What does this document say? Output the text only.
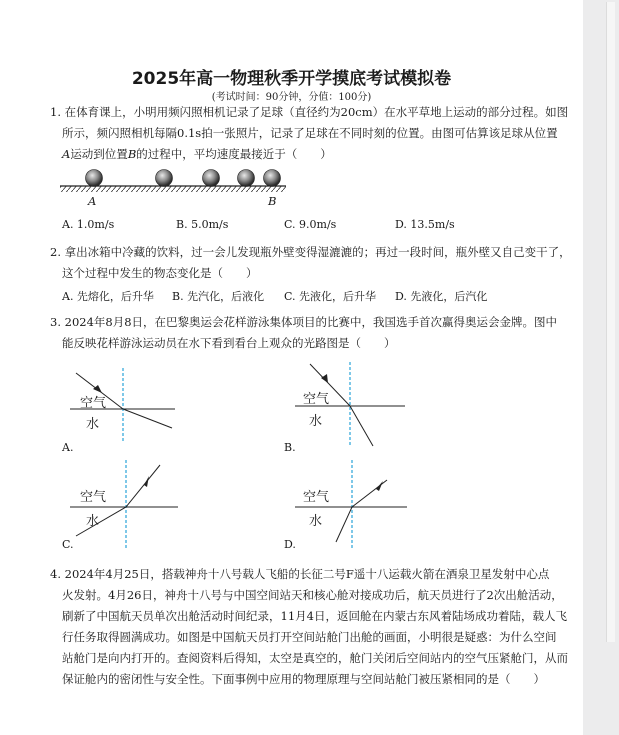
2025年高一物理秋季开学摸底考试模拟卷
(考试时间：90分钟，分值：100分)
1. 在体育课上，小明用频闪照相机记录了足球（直径约为20cm）在水平草地上运动的部分过程。如图
所示，频闪照相机每隔0.1s拍一张照片，记录了足球在不同时刻的位置。由图可估算该足球从位置
A运动到位置B的过程中，平均速度最接近于（　　）
A	B
A. 1.0m/s	B. 5.0m/s	C. 9.0m/s	D. 13.5m/s
2. 拿出冰箱中冷藏的饮料，过一会儿发现瓶外壁变得湿漉漉的；再过一段时间，瓶外壁又自己变干了，
这个过程中发生的物态变化是（　　）
A. 先熔化，后升华 B. 先汽化，后液化 C. 先液化，后升华 D. 先液化，后汽化
3. 2024年8月8日，在巴黎奥运会花样游泳集体项目的比赛中，我国选手首次赢得奥运会金牌。图中
能反映花样游泳运动员在水下看到看台上观众的光路图是（　　）
空气
水
A.
空气
水
B.
空气
水
C.
空气
水
D.
4. 2024年4月25日，搭载神舟十八号载人飞船的长征二号F遥十八运载火箭在酒泉卫星发射中心点
火发射。4月26日，神舟十八号与中国空间站天和核心舱对接成功后，航天员进行了2次出舱活动，
刷新了中国航天员单次出舱活动时间纪录，11月4日，返回舱在内蒙古东风着陆场成功着陆，载人飞
行任务取得圆满成功。如图是中国航天员打开空间站舱门出舱的画面，小明很是疑惑：为什么空间
站舱门是向内打开的。查阅资料后得知，太空是真空的，舱门关闭后空间站内的空气压紧舱门，从而
保证舱内的密闭性与安全性。下面事例中应用的物理原理与空间站舱门被压紧相同的是（　　）
